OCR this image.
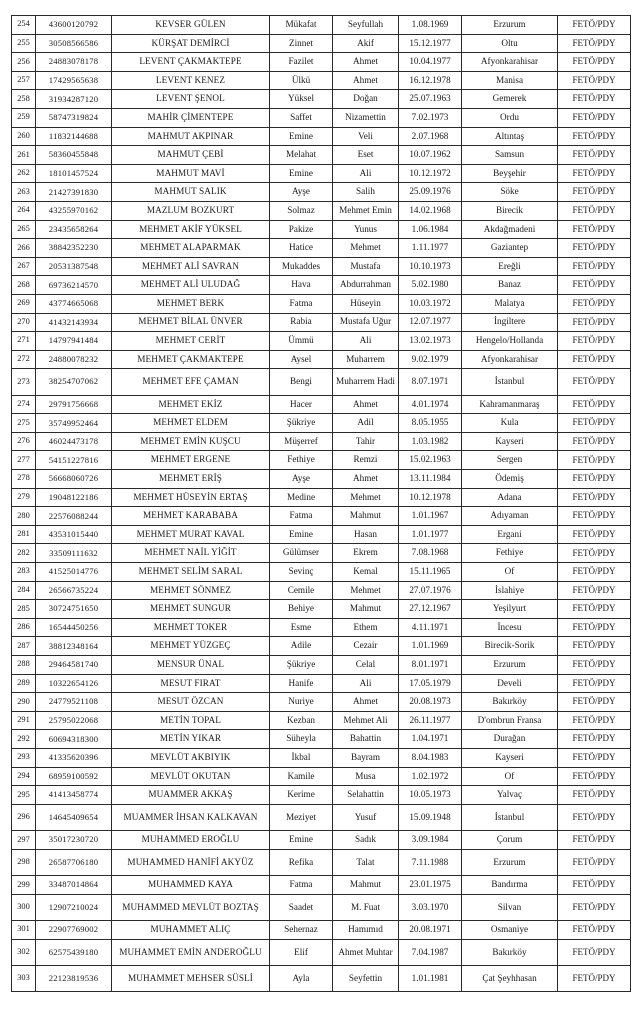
254	43600120792	KEVSER GÜLEN	Mükafat	Seyfullah	1.08.1969	Erzurum	FETÖ/PDY
255	30508566586	KÜRŞAT DEMİRCİ	Zinnet	Akif	15.12.1977	Oltu	FETÖ/PDY
256	24883078178	LEVENT ÇAKMAKTEPE	Fazilet	Ahmet	10.04.1977	Afyonkarahisar	FETÖ/PDY
257	17429565638	LEVENT KENEZ	Ülkü	Ahmet	16.12.1978	Manisa	FETÖ/PDY
258	31934287120	LEVENT ŞENOL	Yüksel	Doğan	25.07.1963	Gemerek	FETÖ/PDY
259	58747319824	MAHİR ÇİMENTEPE	Saffet	Nizamettin	7.02.1973	Ordu	FETÖ/PDY
260	11832144688	MAHMUT AKPINAR	Emine	Veli	2.07.1968	Altıntaş	FETÖ/PDY
261	58360455848	MAHMUT ÇEBİ	Melahat	Eset	10.07.1962	Samsun	FETÖ/PDY
262	18101457524	MAHMUT MAVİ	Emine	Ali	10.12.1972	Beyşehir	FETÖ/PDY
263	21427391830	MAHMUT SALIK	Ayşe	Salih	25.09.1976	Söke	FETÖ/PDY
264	43255970162	MAZLUM BOZKURT	Solmaz	Mehmet Emin	14.02.1968	Birecik	FETÖ/PDY
265	23435658264	MEHMET AKİF YÜKSEL	Pakize	Yunus	1.06.1984	Akdağmadeni	FETÖ/PDY
266	38842352230	MEHMET ALAPARMAK	Hatice	Mehmet	1.11.1977	Gaziantep	FETÖ/PDY
267	20531387548	MEHMET ALİ SAVRAN	Mukaddes	Mustafa	10.10.1973	Ereğli	FETÖ/PDY
268	69736214570	MEHMET ALİ ULUDAĞ	Hava	Abdurrahman	5.02.1980	Banaz	FETÖ/PDY
269	43774665068	MEHMET BERK	Fatma	Hüseyin	10.03.1972	Malatya	FETÖ/PDY
270	41432143934	MEHMET BİLAL ÜNVER	Rabia	Mustafa Uğur	12.07.1977	İngiltere	FETÖ/PDY
271	14797941484	MEHMET CERİT	Ümmü	Ali	13.02.1973	Hengelo/Hollanda	FETÖ/PDY
272	24880078232	MEHMET ÇAKMAKTEPE	Aysel	Muharrem	9.02.1979	Afyonkarahisar	FETÖ/PDY
273	38254707062	MEHMET EFE ÇAMAN	Bengi	Muharrem Hadi	8.07.1971	İstanbul	FETÖ/PDY
274	29791756668	MEHMET EKİZ	Hacer	Ahmet	4.01.1974	Kahramanmaraş	FETÖ/PDY
275	35749952464	MEHMET ELDEM	Şükriye	Adil	8.05.1955	Kula	FETÖ/PDY
276	46024473178	MEHMET EMİN KUŞCU	Müşerref	Tahir	1.03.1982	Kayseri	FETÖ/PDY
277	54151227816	MEHMET ERGENE	Fethiye	Remzi	15.02.1963	Sergen	FETÖ/PDY
278	56668060726	MEHMET ERİŞ	Ayşe	Ahmet	13.11.1984	Ödemiş	FETÖ/PDY
279	19048122186	MEHMET HÜSEYİN ERTAŞ	Medine	Mehmet	10.12.1978	Adana	FETÖ/PDY
280	22576088244	MEHMET KARABABA	Fatma	Mahmut	1.01.1967	Adıyaman	FETÖ/PDY
281	43531015440	MEHMET MURAT KAVAL	Emine	Hasan	1.01.1977	Ergani	FETÖ/PDY
282	33509111632	MEHMET NAİL YİĞİT	Gülümser	Ekrem	7.08.1968	Fethiye	FETÖ/PDY
283	41525014776	MEHMET SELİM SARAL	Sevinç	Kemal	15.11.1965	Of	FETÖ/PDY
284	26566735224	MEHMET SÖNMEZ	Cemile	Mehmet	27.07.1976	İslahiye	FETÖ/PDY
285	30724751650	MEHMET SUNGUR	Behiye	Mahmut	27.12.1967	Yeşilyurt	FETÖ/PDY
286	16544450256	MEHMET TOKER	Esme	Ethem	4.11.1971	İncesu	FETÖ/PDY
287	38812348164	MEHMET YÜZGEÇ	Adile	Cezair	1.01.1969	Birecik-Sorik	FETÖ/PDY
288	29464581740	MENSUR ÜNAL	Şükriye	Celal	8.01.1971	Erzurum	FETÖ/PDY
289	10322654126	MESUT FIRAT	Hanife	Ali	17.05.1979	Develi	FETÖ/PDY
290	24779521108	MESUT ÖZCAN	Nuriye	Ahmet	20.08.1973	Bakırköy	FETÖ/PDY
291	25795022068	METİN TOPAL	Kezban	Mehmet Ali	26.11.1977	D'ombrun Fransa	FETÖ/PDY
292	60694318300	METİN YIKAR	Süheyla	Bahattin	1.04.1971	Durağan	FETÖ/PDY
293	41335620396	MEVLÜT AKBIYIK	İkbal	Bayram	8.04.1983	Kayseri	FETÖ/PDY
294	68959100592	MEVLÜT OKUTAN	Kamile	Musa	1.02.1972	Of	FETÖ/PDY
295	41413458774	MUAMMER AKKAŞ	Kerime	Selahattin	10.05.1973	Yalvaç	FETÖ/PDY
296	14645409654	MUAMMER İHSAN KALKAVAN	Meziyet	Yusuf	15.09.1948	İstanbul	FETÖ/PDY
297	35017230720	MUHAMMED EROĞLU	Emine	Sadık	3.09.1984	Çorum	FETÖ/PDY
298	26587706180	MUHAMMED HANİFİ AKYÜZ	Refika	Talat	7.11.1988	Erzurum	FETÖ/PDY
299	33487014864	MUHAMMED KAYA	Fatma	Mahmut	23.01.1975	Bandırma	FETÖ/PDY
300	12907210024	MUHAMMED MEVLÜT BOZTAŞ	Saadet	M. Fuat	3.03.1970	Silvan	FETÖ/PDY
301	22907769002	MUHAMMET ALIÇ	Sehernaz	Hamımıd	20.08.1971	Osmaniye	FETÖ/PDY
302	62575439180	MUHAMMET EMİN ANDEROĞLU	Elif	Ahmet Muhtar	7.04.1987	Bakırköy	FETÖ/PDY
303	22123819536	MUHAMMET MEHSER SÜSLİ	Ayla	Seyfettin	1.01.1981	Çat Şeyhhasan	FETÖ/PDY
